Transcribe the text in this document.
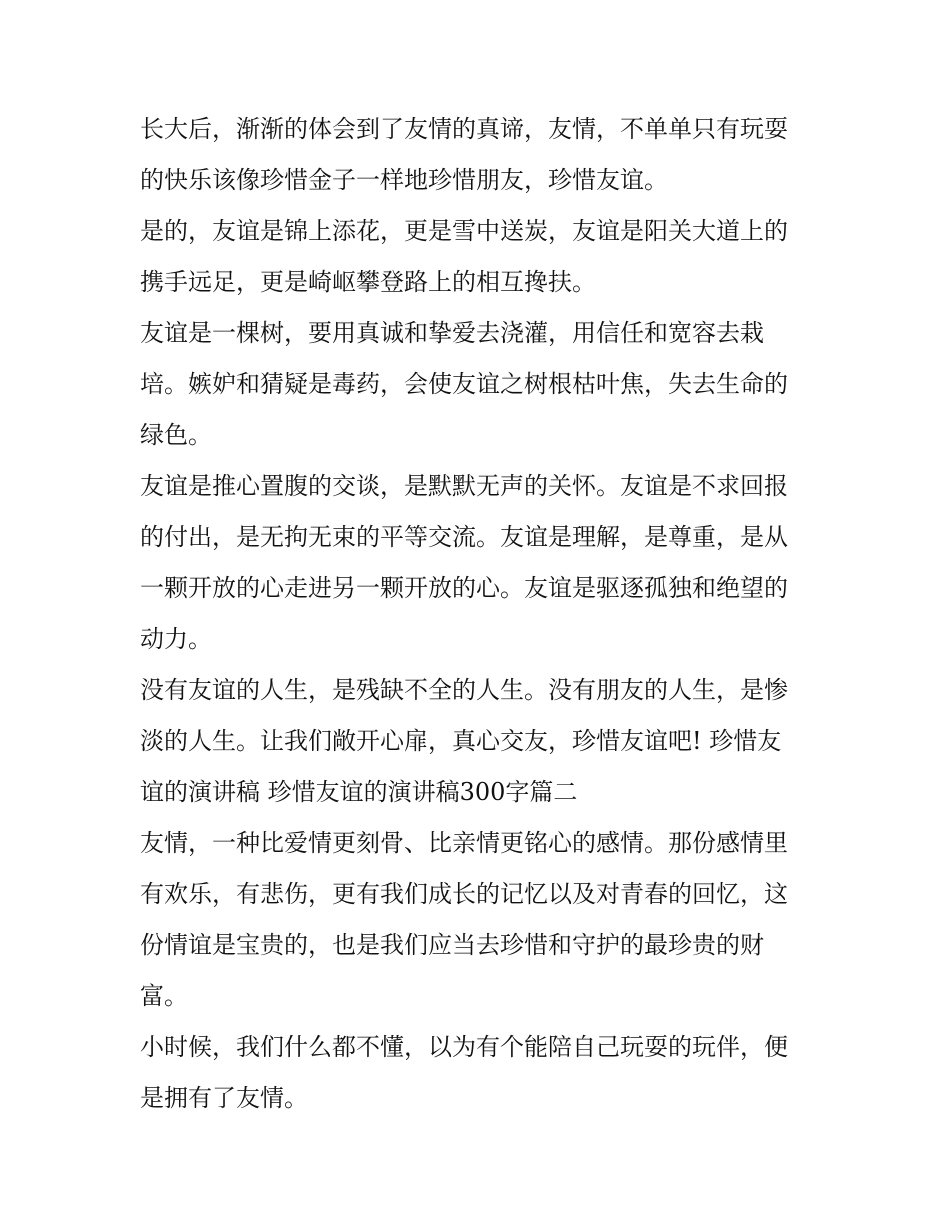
长大后，渐渐的体会到了友情的真谛，友情，不单单只有玩耍
的快乐该像珍惜金子一样地珍惜朋友，珍惜友谊。

是的，友谊是锦上添花，更是雪中送炭，友谊是阳关大道上的
携手远足，更是崎岖攀登路上的相互搀扶。

友谊是一棵树，要用真诚和挚爱去浇灌，用信任和宽容去栽
培。嫉妒和猜疑是毒药，会使友谊之树根枯叶焦，失去生命的
绿色。

友谊是推心置腹的交谈，是默默无声的关怀。友谊是不求回报
的付出，是无拘无束的平等交流。友谊是理解，是尊重，是从
一颗开放的心走进另一颗开放的心。友谊是驱逐孤独和绝望的
动力。

没有友谊的人生，是残缺不全的人生。没有朋友的人生，是惨
淡的人生。让我们敞开心扉，真心交友，珍惜友谊吧! 珍惜友
谊的演讲稿 珍惜友谊的演讲稿300字篇二

友情，一种比爱情更刻骨、比亲情更铭心的感情。那份感情里
有欢乐，有悲伤，更有我们成长的记忆以及对青春的回忆，这
份情谊是宝贵的，也是我们应当去珍惜和守护的最珍贵的财
富。

小时候，我们什么都不懂，以为有个能陪自己玩耍的玩伴，便
是拥有了友情。
